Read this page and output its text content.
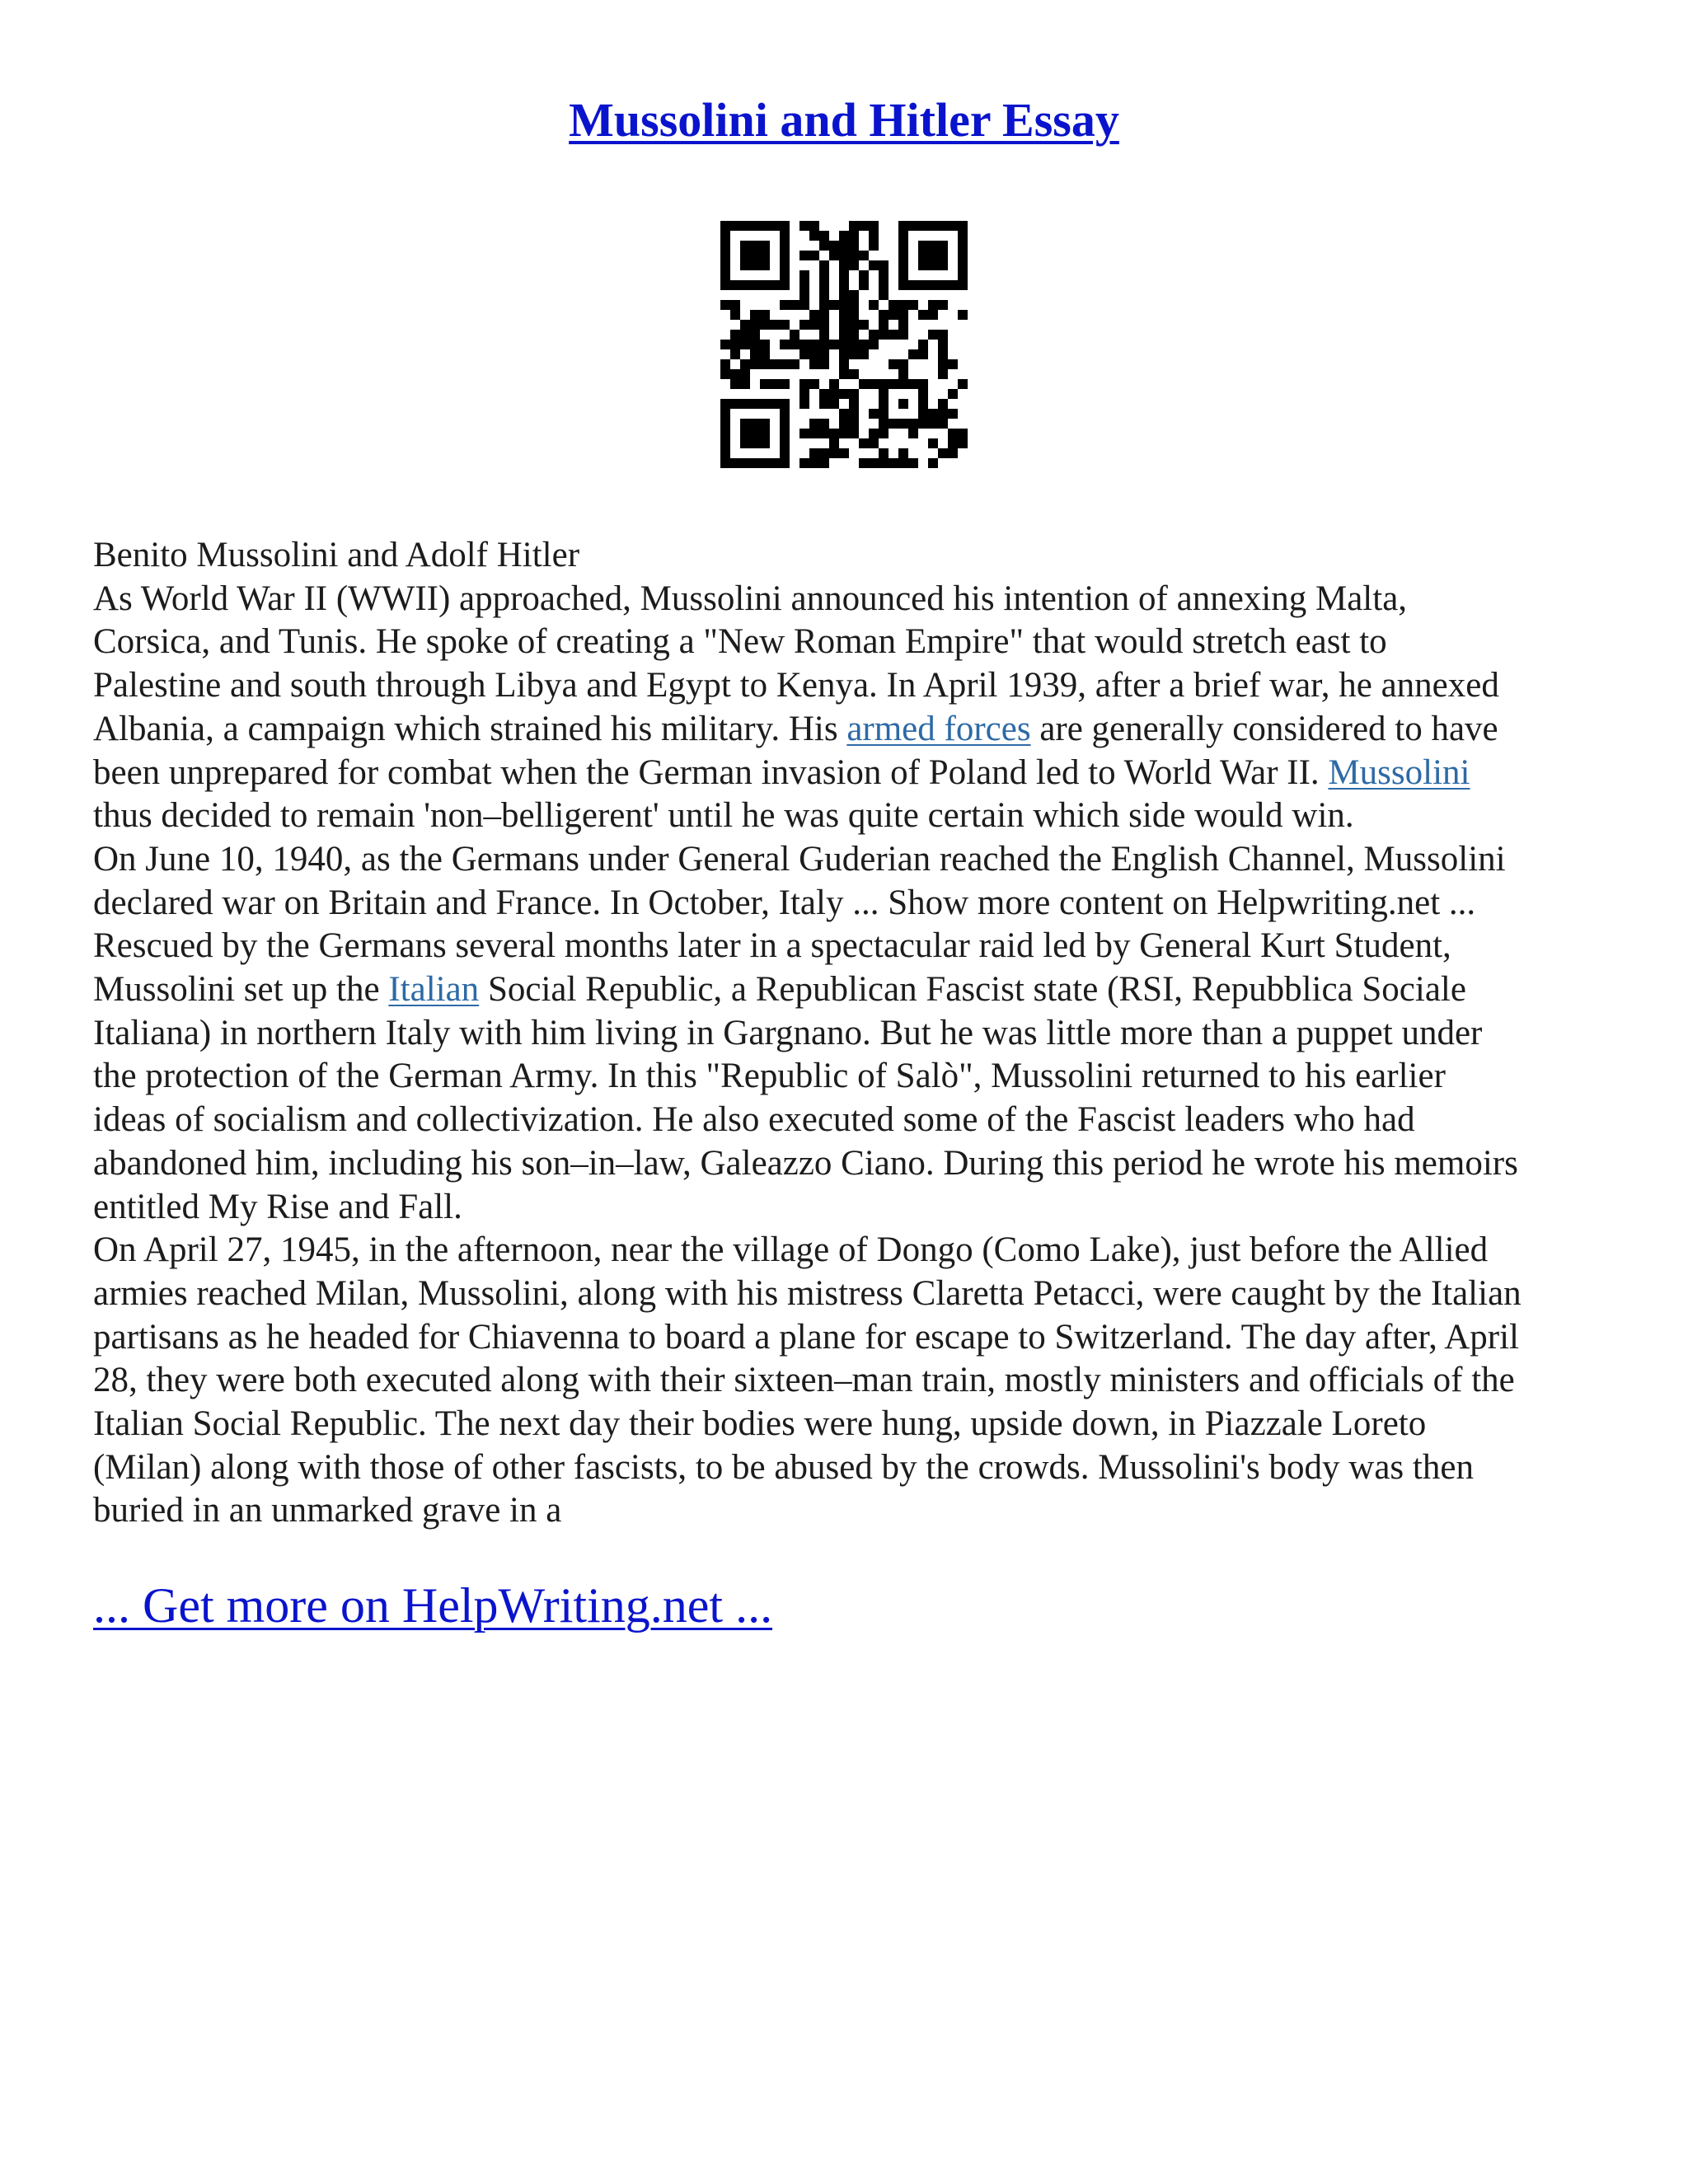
Mussolini and Hitler Essay

Benito Mussolini and Adolf Hitler

As World War II (WWII) approached, Mussolini announced his intention of annexing Malta,

Corsica, and Tunis. He spoke of creating a "New Roman Empire" that would stretch east to

Palestine and south through Libya and Egypt to Kenya. In April 1939, after a brief war, he annexed

Albania, a campaign which strained his military. His armed forces are generally considered to have

been unprepared for combat when the German invasion of Poland led to World War II. Mussolini

thus decided to remain 'non–belligerent' until he was quite certain which side would win.

On June 10, 1940, as the Germans under General Guderian reached the English Channel, Mussolini

declared war on Britain and France. In October, Italy ... Show more content on Helpwriting.net ...

Rescued by the Germans several months later in a spectacular raid led by General Kurt Student,

Mussolini set up the Italian Social Republic, a Republican Fascist state (RSI, Repubblica Sociale

Italiana) in northern Italy with him living in Gargnano. But he was little more than a puppet under

the protection of the German Army. In this "Republic of Salò", Mussolini returned to his earlier

ideas of socialism and collectivization. He also executed some of the Fascist leaders who had

abandoned him, including his son–in–law, Galeazzo Ciano. During this period he wrote his memoirs

entitled My Rise and Fall.

On April 27, 1945, in the afternoon, near the village of Dongo (Como Lake), just before the Allied

armies reached Milan, Mussolini, along with his mistress Claretta Petacci, were caught by the Italian

partisans as he headed for Chiavenna to board a plane for escape to Switzerland. The day after, April

28, they were both executed along with their sixteen–man train, mostly ministers and officials of the

Italian Social Republic. The next day their bodies were hung, upside down, in Piazzale Loreto

(Milan) along with those of other fascists, to be abused by the crowds. Mussolini's body was then

buried in an unmarked grave in a

... Get more on HelpWriting.net ...
